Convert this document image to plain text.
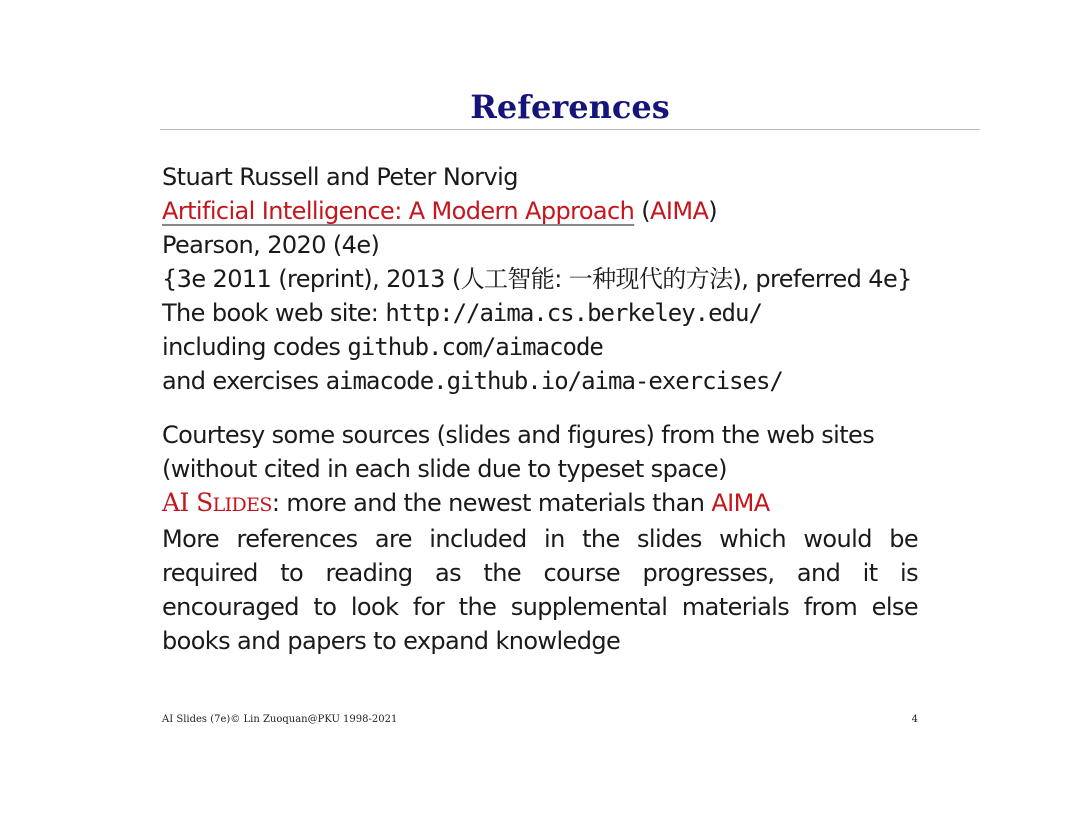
References
Stuart Russell and Peter Norvig
Artificial Intelligence: A Modern Approach (AIMA)
Pearson, 2020 (4e)
{3e 2011 (reprint), 2013 (人工智能: 一种现代的方法), preferred 4e}
The book web site: http://aima.cs.berkeley.edu/
including codes github.com/aimacode
and exercises aimacode.github.io/aima-exercises/
Courtesy some sources (slides and figures) from the web sites (without cited in each slide due to typeset space)
AI SLIDES: more and the newest materials than AIMA
More references are included in the slides which would be required to reading as the course progresses, and it is encouraged to look for the supplemental materials from else books and papers to expand knowledge
AI Slides (7e)© Lin Zuoquan@PKU 1998-2021	4
